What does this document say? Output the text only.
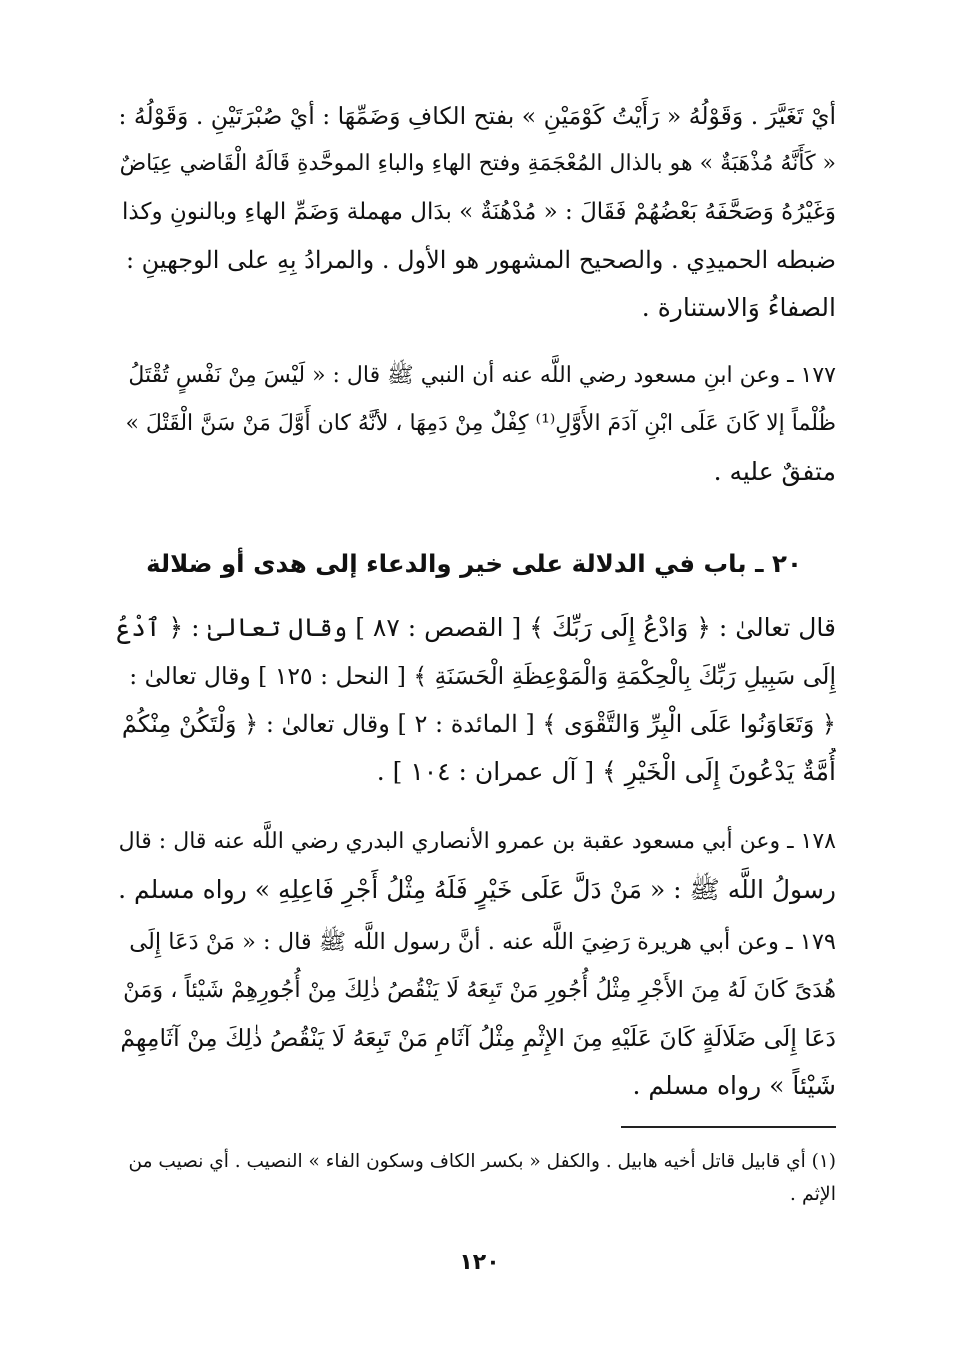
أيْ تَغَيَّرَ . وَقَوْلُهُ « رَأَيْتُ كَوْمَيْنِ » بفتح الكافِ وَضَمِّهَا : أيْ صُبْرَتَيْنِ . وَقَوْلُهُ :
« كَأَنَّهُ مُذْهَبَةٌ » هو بالذال المُعْجَمَةِ وفتح الهاءِ والباءِ الموحَّدةِ قَالَهُ الْقَاضي عِيَاضٌ
وَغَيْرُهُ وَصَحَّفَهُ بَعْضُهُمْ فَقَالَ : « مُدْهُنَةٌ » بدَال مهملة وَضَمِّ الهاءِ وبالنونِ وكذا
ضبطه الحميدِي . والصحيح المشهور هو الأول . والمرادُ بِهِ على الوجهينِ :
الصفاءُ وَالاستنارة .
١٧٧ ـ وعن ابنِ مسعود رضي اللَّه عنه أن النبي ﷺ قال : « لَيْسَ مِنْ نَفْسٍ تُقْتَلُ
ظُلْماً إلا كَانَ عَلَى ابْنِ آدَمَ الأَوَّلِ⁽¹⁾ كِفْلٌ مِنْ دَمِهَا ، لأنَّهُ كان أَوَّلَ مَنْ سَنَّ الْقَتْلَ »
متفقٌ عليه .
٢٠ ـ باب في الدلالة على خير والدعاء إلى هدى أو ضلالة
قال تعالىٰ : ﴿ وَادْعُ إِلَى رَبِّكَ ﴾ [ القصص : ٨٧ ] وقال تعالىٰ : ﴿ ٱدْعُ
إِلَى سَبِيلِ رَبِّكَ بِالْحِكْمَةِ وَالْمَوْعِظَةِ الْحَسَنَةِ ﴾ [ النحل : ١٢٥ ] وقال تعالىٰ :
﴿ وَتَعَاوَنُوا عَلَى الْبِرِّ وَالتَّقْوَى ﴾ [ المائدة : ٢ ] وقال تعالىٰ : ﴿ وَلْتَكُنْ مِنْكُمْ
أُمَّةٌ يَدْعُونَ إِلَى الْخَيْرِ ﴾ [ آل عمران : ١٠٤ ] .
١٧٨ ـ وعن أبي مسعود عقبة بن عمرو الأنصاري البدري رضي اللَّه عنه قال : قال
رسولُ اللَّه ﷺ : « مَنْ دَلَّ عَلَى خَيْرٍ فَلَهُ مِثْلُ أَجْرِ فَاعِلِهِ » رواه مسلم .
١٧٩ ـ وعن أبي هريرة رَضِيَ اللَّه عنه . أنَّ رسول اللَّه ﷺ قال : « مَنْ دَعَا إِلَى
هُدَىً كَانَ لَهُ مِنَ الأَجْرِ مِثْلُ أُجُورِ مَنْ تَبِعَهُ لَا يَنْقُصُ ذٰلِكَ مِنْ أُجُورِهِمْ شَيْئاً ، وَمَنْ
دَعَا إِلَى ضَلَالَةٍ كَانَ عَلَيْهِ مِنَ الإِثْمِ مِثْلُ آثَامِ مَنْ تَبِعَهُ لَا يَنْقُصُ ذٰلِكَ مِنْ آثَامِهِمْ
شَيْئاً » رواه مسلم .
(١) أي قابيل قاتل أخيه هابيل . والكفل « بكسر الكاف وسكون الفاء » النصيب . أي نصيب من
الإثم .
١٢٠
